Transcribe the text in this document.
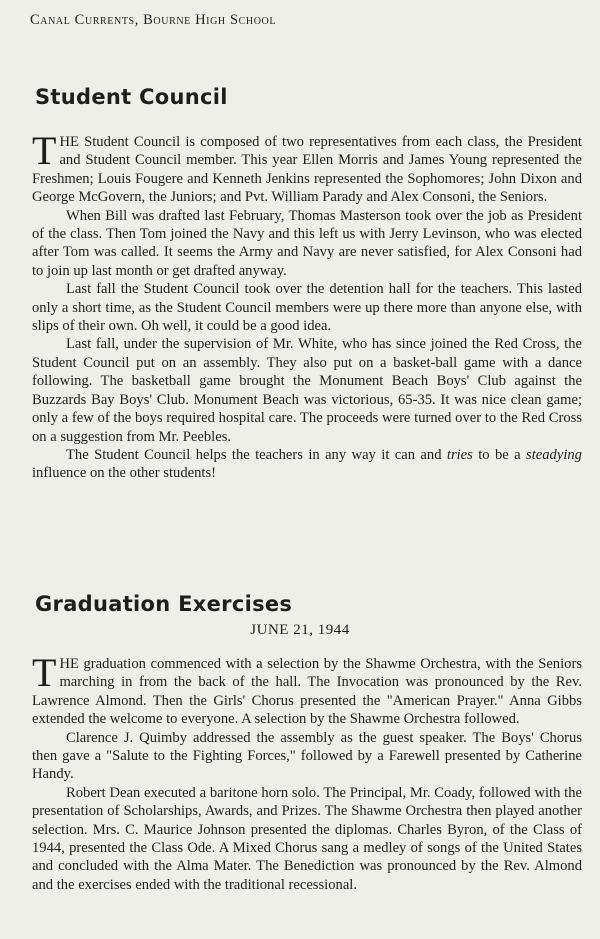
Canal Currents, Bourne High School
Student Council

THE Student Council is composed of two representatives from each class, the President and Student Council member. This year Ellen Morris and James Young represented the Freshmen; Louis Fougere and Kenneth Jenkins represented the Sophomores; John Dixon and George McGovern, the Juniors; and Pvt. William Parady and Alex Consoni, the Seniors.

When Bill was drafted last February, Thomas Masterson took over the job as President of the class. Then Tom joined the Navy and this left us with Jerry Levinson, who was elected after Tom was called. It seems the Army and Navy are never satisfied, for Alex Consoni had to join up last month or get drafted anyway.

Last fall the Student Council took over the detention hall for the teachers. This lasted only a short time, as the Student Council members were up there more than anyone else, with slips of their own. Oh well, it could be a good idea.

Last fall, under the supervision of Mr. White, who has since joined the Red Cross, the Student Council put on an assembly. They also put on a basket-ball game with a dance following. The basketball game brought the Monument Beach Boys' Club against the Buzzards Bay Boys' Club. Monument Beach was victorious, 65-35. It was nice clean game; only a few of the boys required hospital care. The proceeds were turned over to the Red Cross on a suggestion from Mr. Peebles.

The Student Council helps the teachers in any way it can and tries to be a steadying influence on the other students!

Graduation Exercises
JUNE 21, 1944

THE graduation commenced with a selection by the Shawme Orchestra, with the Seniors marching in from the back of the hall. The Invocation was pronounced by the Rev. Lawrence Almond. Then the Girls' Chorus presented the "American Prayer." Anna Gibbs extended the welcome to everyone. A selection by the Shawme Orchestra followed.

Clarence J. Quimby addressed the assembly as the guest speaker. The Boys' Chorus then gave a "Salute to the Fighting Forces," followed by a Farewell presented by Catherine Handy.

Robert Dean executed a baritone horn solo. The Principal, Mr. Coady, followed with the presentation of Scholarships, Awards, and Prizes. The Shawme Orchestra then played another selection. Mrs. C. Maurice Johnson presented the diplomas. Charles Byron, of the Class of 1944, presented the Class Ode. A Mixed Chorus sang a medley of songs of the United States and concluded with the Alma Mater. The Benediction was pronounced by the Rev. Almond and the exercises ended with the traditional recessional.
